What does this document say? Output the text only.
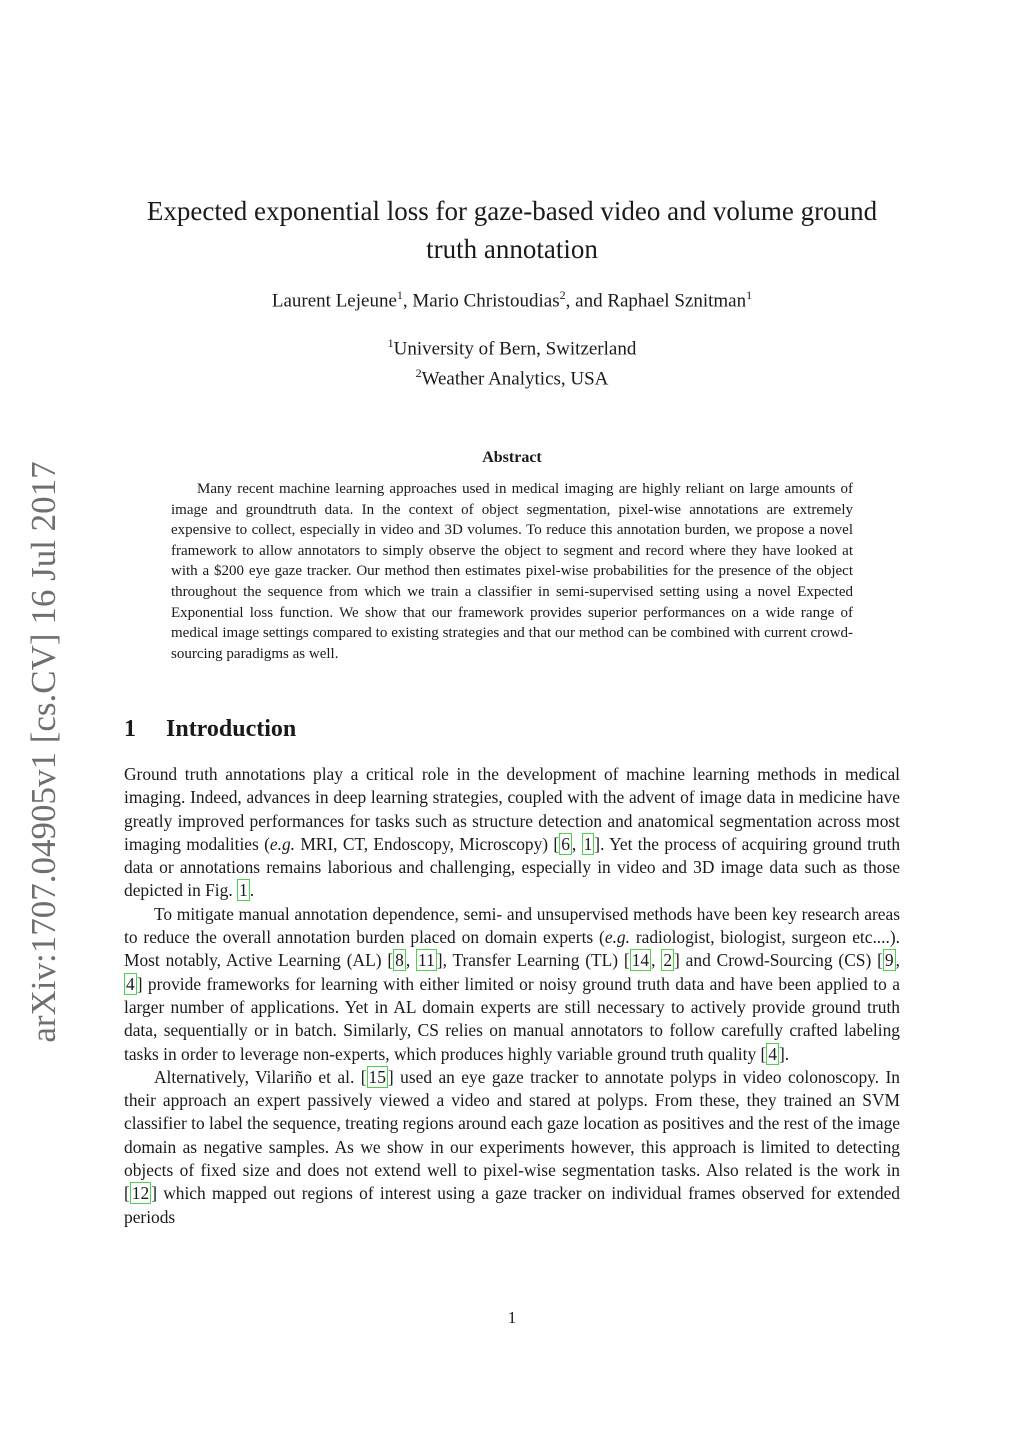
arXiv:1707.04905v1 [cs.CV] 16 Jul 2017
Expected exponential loss for gaze-based video and volume ground truth annotation
Laurent Lejeune$^1$, Mario Christoudias$^2$, and Raphael Sznitman$^1$
$^1$University of Bern, Switzerland
$^2$Weather Analytics, USA
Abstract

Many recent machine learning approaches used in medical imaging are highly reliant on large amounts of image and groundtruth data. In the context of object segmentation, pixel-wise annotations are extremely expensive to collect, especially in video and 3D volumes. To reduce this annotation burden, we propose a novel framework to allow annotators to simply observe the object to segment and record where they have looked at with a $200 eye gaze tracker. Our method then estimates pixel-wise probabilities for the presence of the object throughout the sequence from which we train a classifier in semi-supervised setting using a novel Expected Exponential loss function. We show that our framework provides superior performances on a wide range of medical image settings compared to existing strategies and that our method can be combined with current crowd-sourcing paradigms as well.

1 Introduction

Ground truth annotations play a critical role in the development of machine learning methods in medical imaging. Indeed, advances in deep learning strategies, coupled with the advent of image data in medicine have greatly improved performances for tasks such as structure detection and anatomical segmentation across most imaging modalities (e.g. MRI, CT, Endoscopy, Microscopy) [ 6 , 1 ]. Yet the process of acquiring ground truth data or annotations remains laborious and challenging, especially in video and 3D image data such as those depicted in Fig. 1 .

To mitigate manual annotation dependence, semi- and unsupervised methods have been key research areas to reduce the overall annotation burden placed on domain experts (e.g. radiologist, biologist, surgeon etc....). Most notably, Active Learning (AL) [ 8 , 11 ], Transfer Learning (TL) [ 14 , 2 ] and Crowd-Sourcing (CS) [ 9 , 4 ] provide frameworks for learning with either limited or noisy ground truth data and have been applied to a larger number of applications. Yet in AL domain experts are still necessary to actively provide ground truth data, sequentially or in batch. Similarly, CS relies on manual annotators to follow carefully crafted labeling tasks in order to leverage non-experts, which produces highly variable ground truth quality [ 4 ].

Alternatively, Vilariño et al. [ 15 ] used an eye gaze tracker to annotate polyps in video colonoscopy. In their approach an expert passively viewed a video and stared at polyps. From these, they trained an SVM classifier to label the sequence, treating regions around each gaze location as positives and the rest of the image domain as negative samples. As we show in our experiments however, this approach is limited to detecting objects of fixed size and does not extend well to pixel-wise segmentation tasks. Also related is the work in [ 12 ] which mapped out regions of interest using a gaze tracker on individual frames observed for extended periods

1
